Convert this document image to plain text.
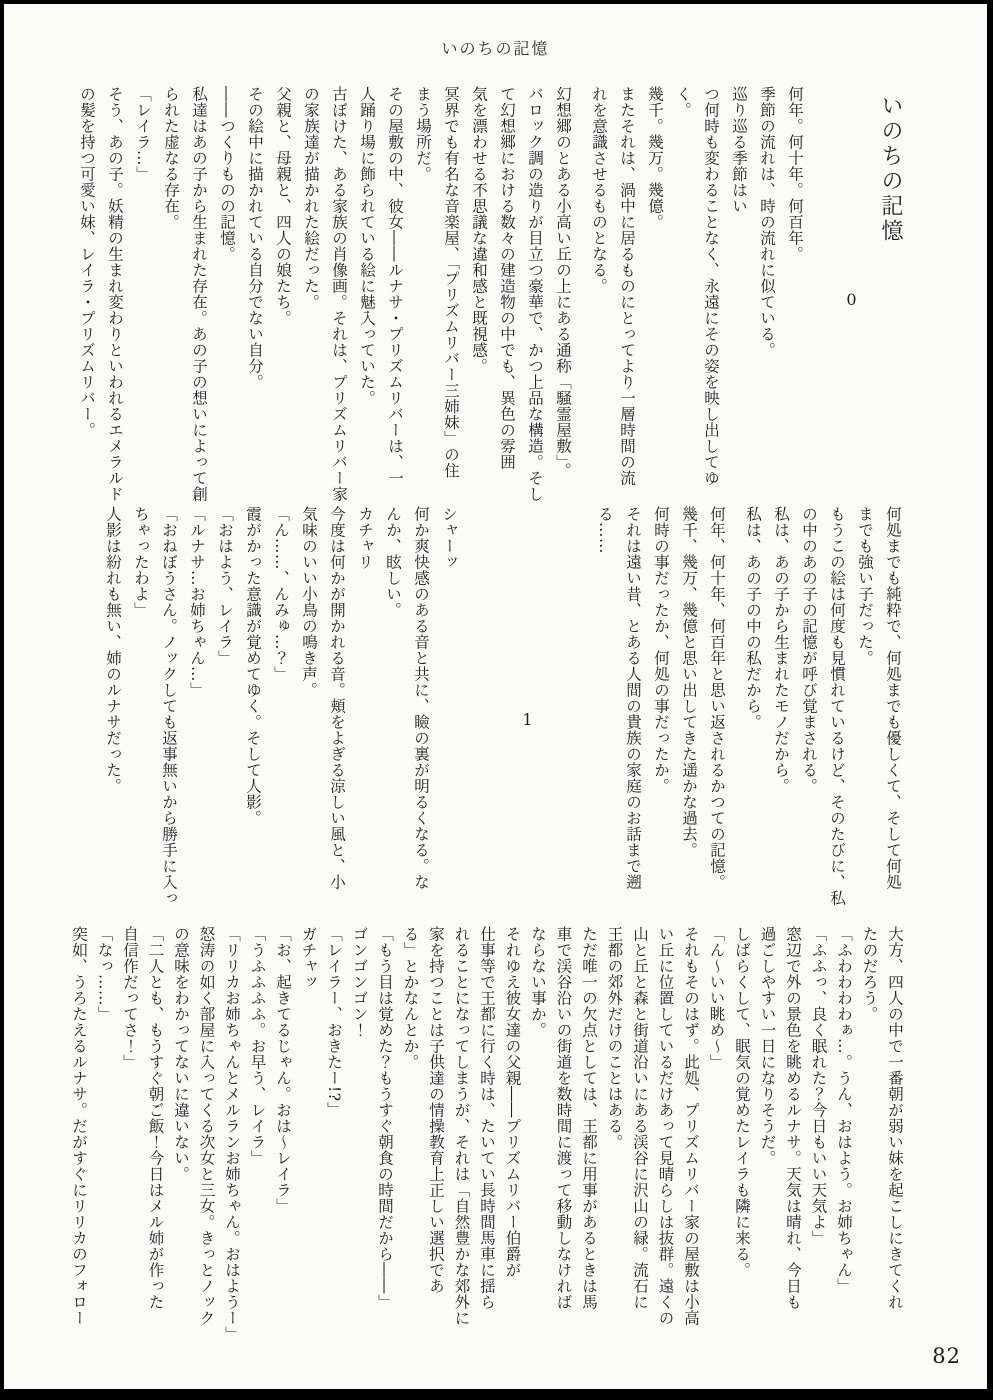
いのちの記憶

いのちの記憶

0

何年。何十年。何百年。

季節の流れは、時の流れに似ている。

巡り巡る季節はい

つ何時も変わることなく、永遠にその姿を映し出してゆ

く。

幾千。幾万。幾億。

またそれは、渦中に居るものにとってより一層時間の流

れを意識させるものとなる。

幻想郷のとある小高い丘の上にある通称「騒霊屋敷」。

バロック調の造りが目立つ豪華で、かつ上品な構造。そし

て幻想郷における数々の建造物の中でも、異色の雰囲

気を漂わせる不思議な違和感と既視感。

冥界でも有名な音楽屋、「プリズムリバー三姉妹」の住

まう場所だ。

その屋敷の中、彼女――ルナサ・プリズムリバーは、一

人踊り場に飾られている絵に魅入っていた。

古ぼけた、ある家族の肖像画。それは、プリズムリバー家

の家族達が描かれた絵だった。

父親と、母親と、四人の娘たち。

その絵中に描かれている自分でない自分。

――つくりものの記憶。

私達はあの子から生まれた存在。あの子の想いによって創

られた虚なる存在。

「レイラ…」

そう、あの子。妖精の生まれ変わりといわれるエメラルド

の髪を持つ可愛い妹、レイラ・プリズムリバー。

何処までも純粋で、何処までも優しくて、そして何処

までも強い子だった。

もうこの絵は何度も見慣れているけど、そのたびに、私

の中のあの子の記憶が呼び覚まされる。

私は、あの子から生まれたモノだから。

私は、あの子の中の私だから。

何年、何十年、何百年と思い返されるかつての記憶。

幾千、幾万、幾億と思い出してきた遥かな過去。

何時の事だったか、何処の事だったか。

それは遠い昔、とある人間の貴族の家庭のお話まで遡

る……

1

シャーッ

何か爽快感のある音と共に、瞼の裏が明るくなる。な

んか、眩しい。

カチャリ

今度は何かが開かれる音。頬をよぎる涼しい風と、小

気味のいい小鳥の鳴き声。

「ん……、んみゅ…？」

霞がかった意識が覚めてゆく。そして人影。

「おはよう、レイラ」

「ルナサ…お姉ちゃん…」

「おねぼうさん。ノックしても返事無いから勝手に入っ

ちゃったわよ」

人影は紛れも無い、姉のルナサだった。

大方、四人の中で一番朝が弱い妹を起こしにきてくれ

たのだろう。

「ふわわわわぁ…。うん、おはよう。お姉ちゃん」

「ふふっ、良く眠れた？今日もいい天気よ」

窓辺で外の景色を眺めるルナサ。天気は晴れ、今日も

過ごしやすい一日になりそうだ。

しばらくして、眠気の覚めたレイラも隣に来る。

「ん〜いい眺め〜」

それもそのはず。此処、プリズムリバー家の屋敷は小高

い丘に位置しているだけあって見晴らしは抜群。遠くの

山と丘と森と街道沿いにある渓谷に沢山の緑。流石に

王都の郊外だけのことはある。

ただ唯一の欠点としては、王都に用事があるときは馬

車で渓谷沿いの街道を数時間に渡って移動しなければ

ならない事か。

それゆえ彼女達の父親――プリズムリバー伯爵が

仕事等で王都に行く時は、たいてい長時間馬車に揺ら

れることになってしまうが、それは「自然豊かな郊外に

家を持つことは子供達の情操教育上正しい選択であ

る」とかなんとか。

「もう目は覚めた？もうすぐ朝食の時間だから――」

ゴンゴンゴン！

「レイラー、おきたー!?」

ガチャッ

「お、起きてるじゃん。おは〜レイラ」

「うふふふふ。お早う、レイラ」

「リリカお姉ちゃんとメルランお姉ちゃん。おはようー」

怒涛の如く部屋に入ってくる次女と三女。きっとノック

の意味をわかってないに違いない。

「二人とも、もうすぐ朝ご飯！今日はメル姉が作った

自信作だってさ！」

「なっ……」

突如、うろたえるルナサ。だがすぐにリリカのフォロー

82
